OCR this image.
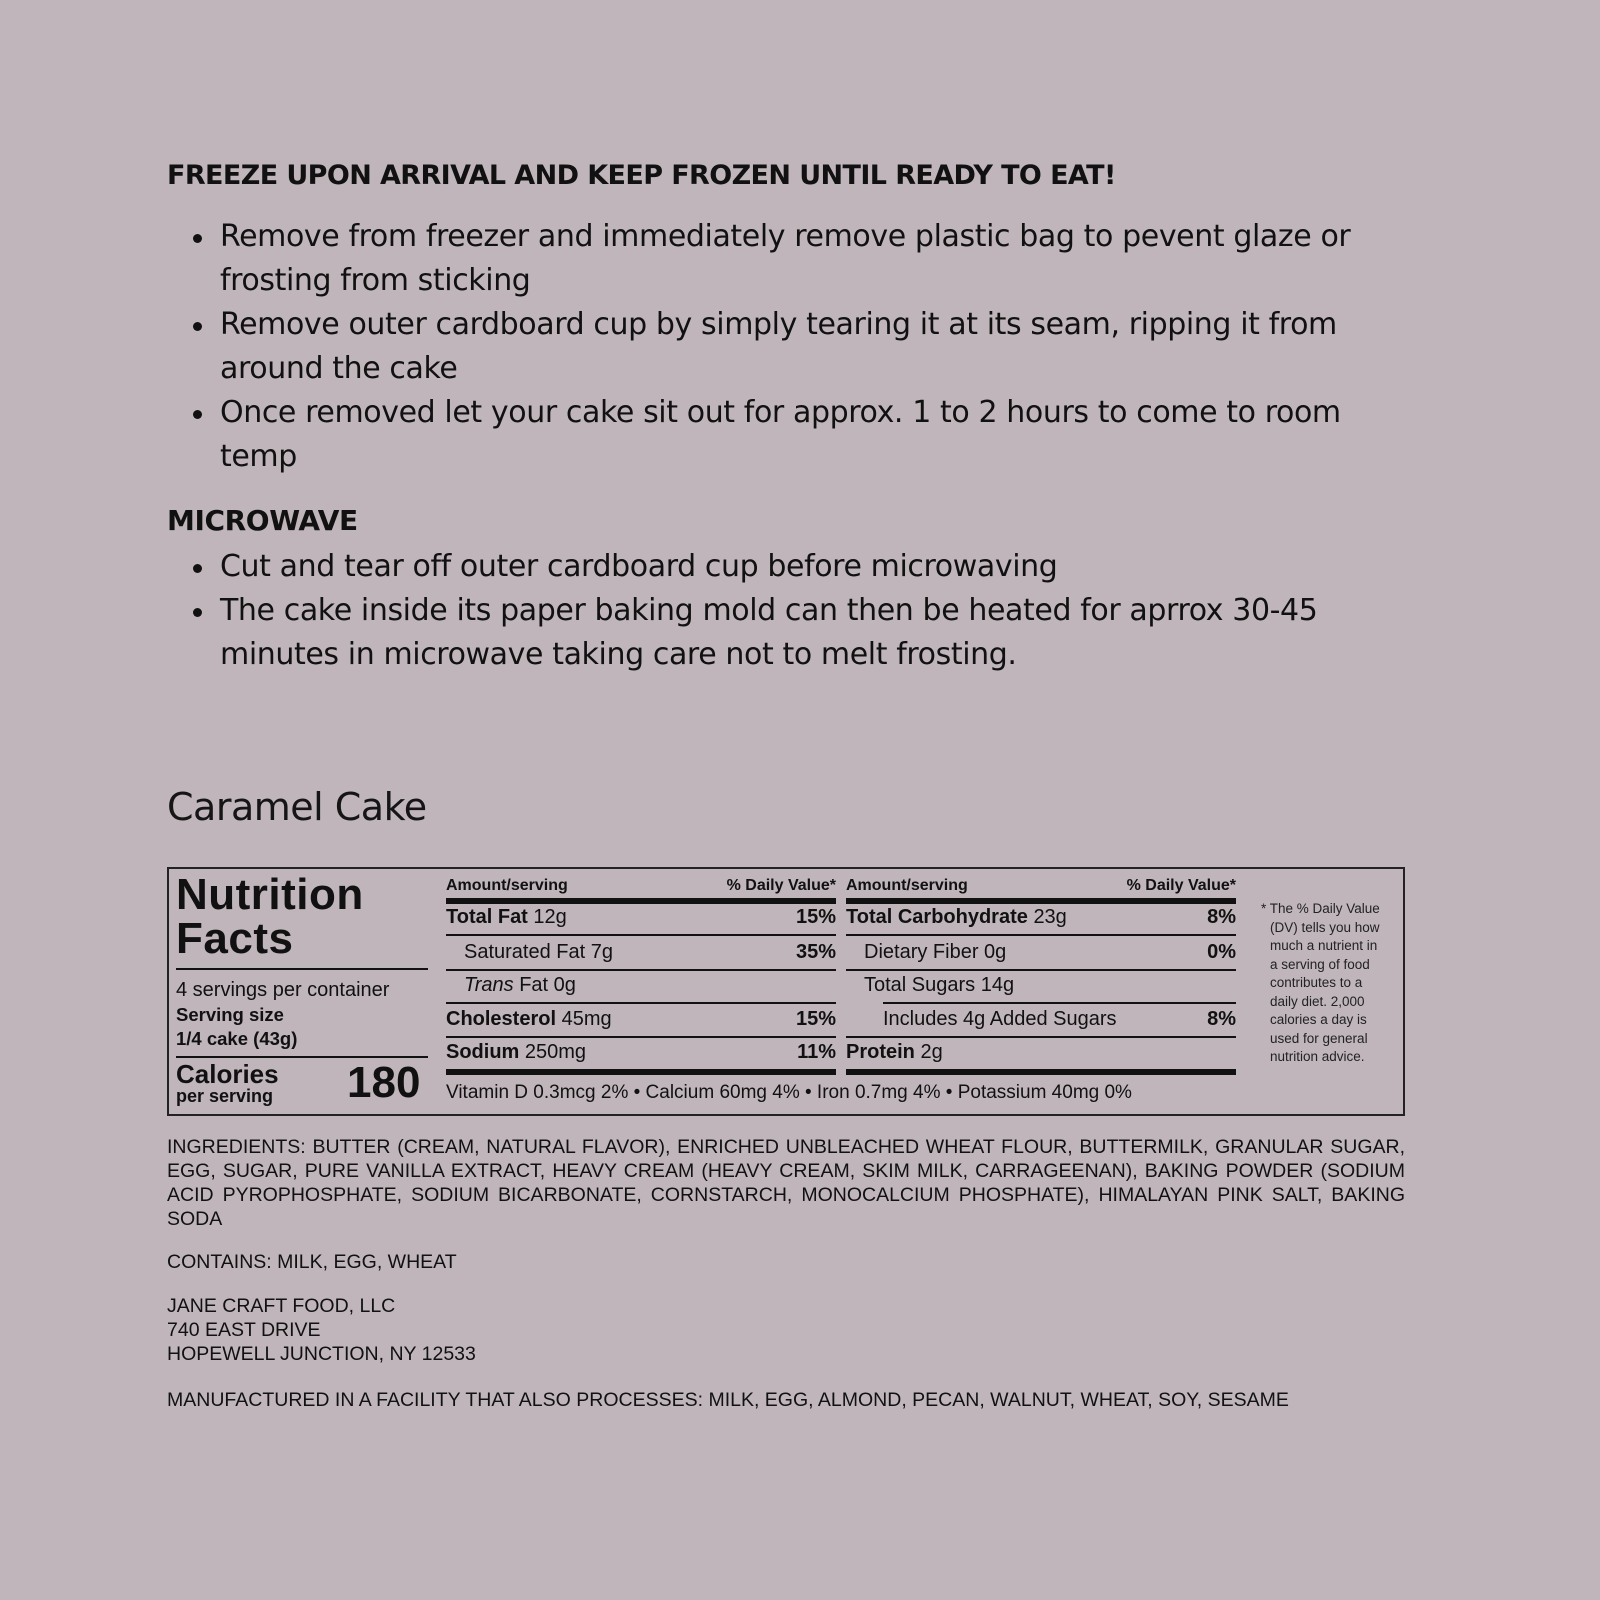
FREEZE UPON ARRIVAL AND KEEP FROZEN UNTIL READY TO EAT!
Remove from freezer and immediately remove plastic bag to pevent glaze or frosting from sticking
Remove outer cardboard cup by simply tearing it at its seam, ripping it from around the cake
Once removed let your cake sit out for approx. 1 to 2 hours to come to room temp
MICROWAVE
Cut and tear off outer cardboard cup before microwaving
The cake inside its paper baking mold can then be heated for aprrox 30-45 minutes in microwave taking care not to melt frosting.
Caramel Cake
Nutrition
Facts
4 servings per container
Serving size
1/4 cake (43g)
Calories
per serving 180
Amount/serving	% Daily Value*
Total Fat 12g	15%
Saturated Fat 7g	35%
Trans Fat 0g
Cholesterol 45mg	15%
Sodium 250mg	11%
Amount/serving	% Daily Value*
Total Carbohydrate 23g	8%
Dietary Fiber 0g	0%
Total Sugars 14g
Includes 4g Added Sugars	8%
Protein 2g
Vitamin D 0.3mcg 2% • Calcium 60mg 4% • Iron 0.7mg 4% • Potassium 40mg 0%
* The % Daily Value
(DV) tells you how
much a nutrient in
a serving of food
contributes to a
daily diet. 2,000
calories a day is
used for general
nutrition advice.
INGREDIENTS: BUTTER (CREAM, NATURAL FLAVOR), ENRICHED UNBLEACHED WHEAT FLOUR, BUTTERMILK, GRANULAR SUGAR, EGG, SUGAR, PURE VANILLA EXTRACT, HEAVY CREAM (HEAVY CREAM, SKIM MILK, CARRAGEENAN), BAKING POWDER (SODIUM ACID PYROPHOSPHATE, SODIUM BICARBONATE, CORNSTARCH, MONOCALCIUM PHOSPHATE), HIMALAYAN PINK SALT, BAKING SODA
CONTAINS: MILK, EGG, WHEAT
JANE CRAFT FOOD, LLC
740 EAST DRIVE
HOPEWELL JUNCTION, NY 12533
MANUFACTURED IN A FACILITY THAT ALSO PROCESSES: MILK, EGG, ALMOND, PECAN, WALNUT, WHEAT, SOY, SESAME
